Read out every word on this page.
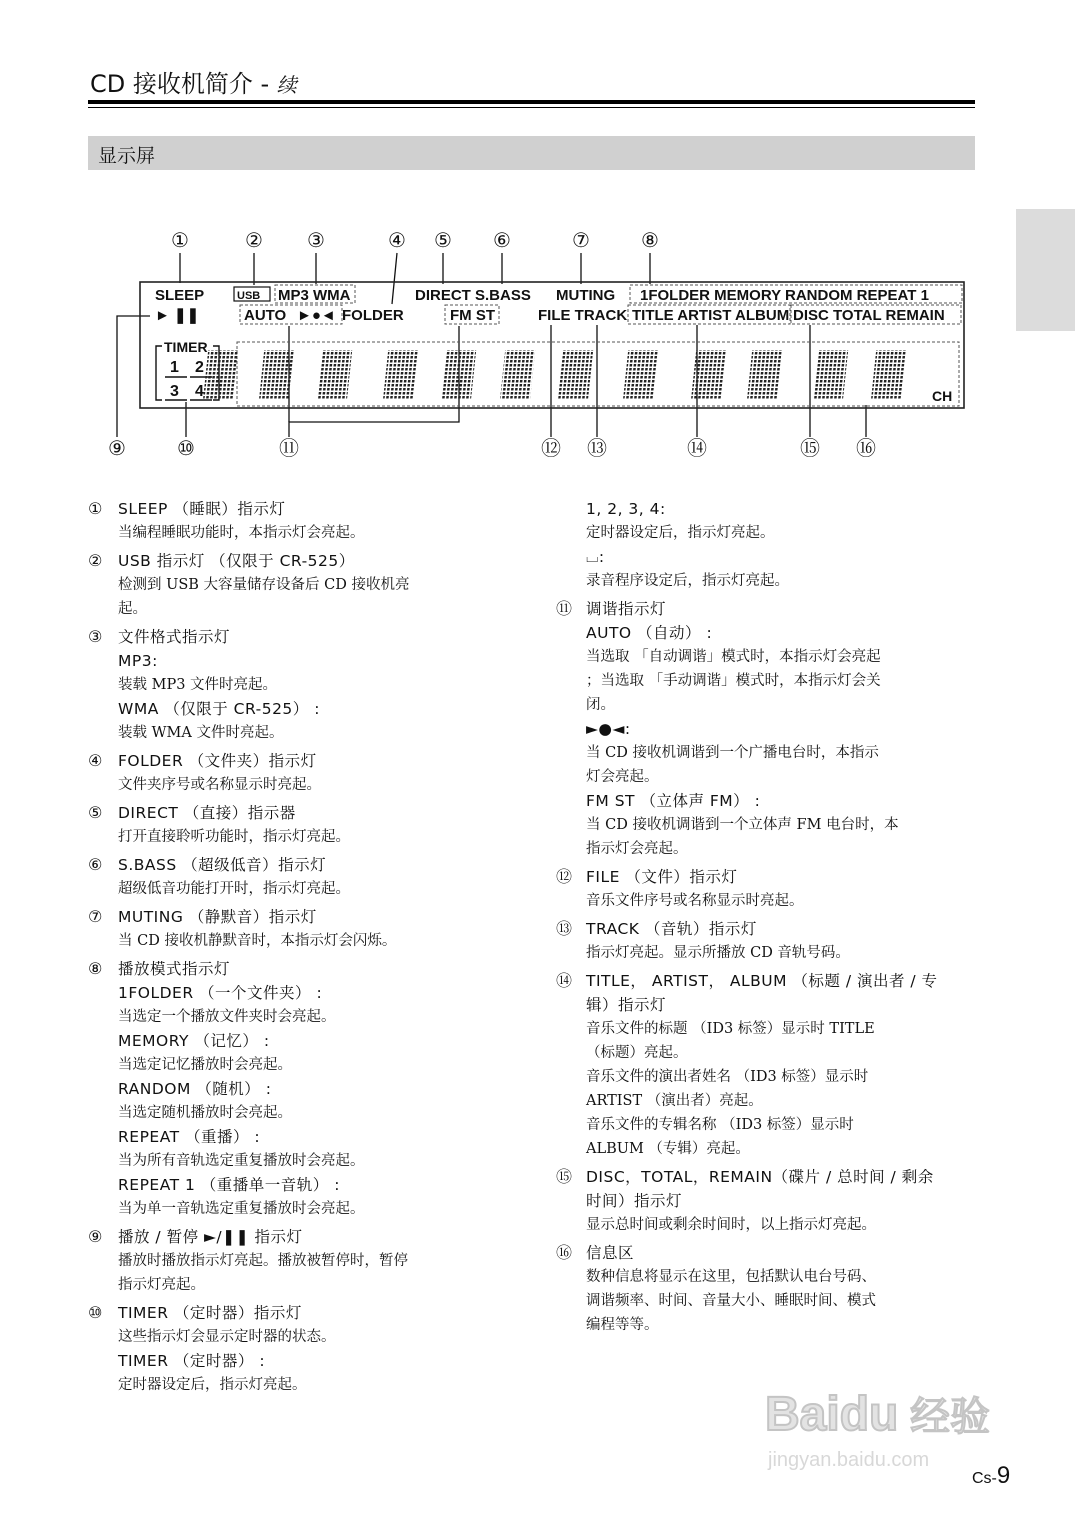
CD 接收机简介 - 续
显示屏
①	② ③	④ ⑤ ⑥	⑦	⑧
⑨	⑩	⑪	⑫ ⑬	⑭	⑮ ⑯
SLEEP	USB MP3 WMA	DIRECT S.BASS MUTING 1FOLDER MEMORY RANDOM REPEAT 1
► ❚❚	AUTO ►●◄ FOLDER	FM ST	FILE TRACK TITLE ARTIST ALBUM DISC TOTAL REMAIN
TIMER
1 2
3 4	CH
①	SLEEP （睡眠）指示灯
当编程睡眠功能时，本指示灯会亮起。
②	USB 指示灯 （仅限于 CR-525）
检测到 USB 大容量储存设备后 CD 接收机亮
起。
③	文件格式指示灯
MP3:
装载 MP3 文件时亮起。
WMA （仅限于 CR-525） :
装载 WMA 文件时亮起。
④	FOLDER （文件夹）指示灯
文件夹序号或名称显示时亮起。
⑤	DIRECT （直接）指示器
打开直接聆听功能时，指示灯亮起。
⑥	S.BASS （超级低音）指示灯
超级低音功能打开时，指示灯亮起。
⑦	MUTING （静默音）指示灯
当 CD 接收机静默音时，本指示灯会闪烁。
⑧	播放模式指示灯
1FOLDER （一个文件夹） :
当选定一个播放文件夹时会亮起。
MEMORY （记忆） :
当选定记忆播放时会亮起。
RANDOM （随机） :
当选定随机播放时会亮起。
REPEAT （重播） :
当为所有音轨选定重复播放时会亮起。
REPEAT 1 （重播单一音轨） :
当为单一音轨选定重复播放时会亮起。
⑨	播放 / 暂停 ►/❚❚ 指示灯
播放时播放指示灯亮起。播放被暂停时，暂停
指示灯亮起。
⑩	TIMER （定时器）指示灯
这些指示灯会显示定时器的状态。
TIMER （定时器） :
定时器设定后，指示灯亮起。
1, 2, 3, 4:
定时器设定后，指示灯亮起。
⌴:
录音程序设定后，指示灯亮起。
⑪ 调谐指示灯
AUTO （自动） :
当选取 「自动调谐」模式时，本指示灯会亮起
；当选取 「手动调谐」模式时，本指示灯会关
闭。
►●◄:
当 CD 接收机调谐到一个广播电台时，本指示
灯会亮起。
FM ST （立体声 FM） :
当 CD 接收机调谐到一个立体声 FM 电台时，本
指示灯会亮起。
⑫ FILE （文件）指示灯
音乐文件序号或名称显示时亮起。
⑬ TRACK （音轨）指示灯
指示灯亮起。显示所播放 CD 音轨号码。
⑭ TITLE， ARTIST， ALBUM （标题 / 演出者 / 专
辑）指示灯
音乐文件的标题 （ID3 标签）显示时 TITLE
（标题）亮起。
音乐文件的演出者姓名 （ID3 标签）显示时
ARTIST （演出者）亮起。
音乐文件的专辑名称 （ID3 标签）显示时
ALBUM （专辑）亮起。
⑮ DISC，TOTAL，REMAIN（碟片 / 总时间 / 剩余
时间）指示灯
显示总时间或剩余时间时，以上指示灯亮起。
⑯ 信息区
数种信息将显示在这里，包括默认电台号码、
调谐频率、时间、音量大小、睡眠时间、模式
编程等等。
Baidu 经验
jingyan.baidu.com
Cs-9
